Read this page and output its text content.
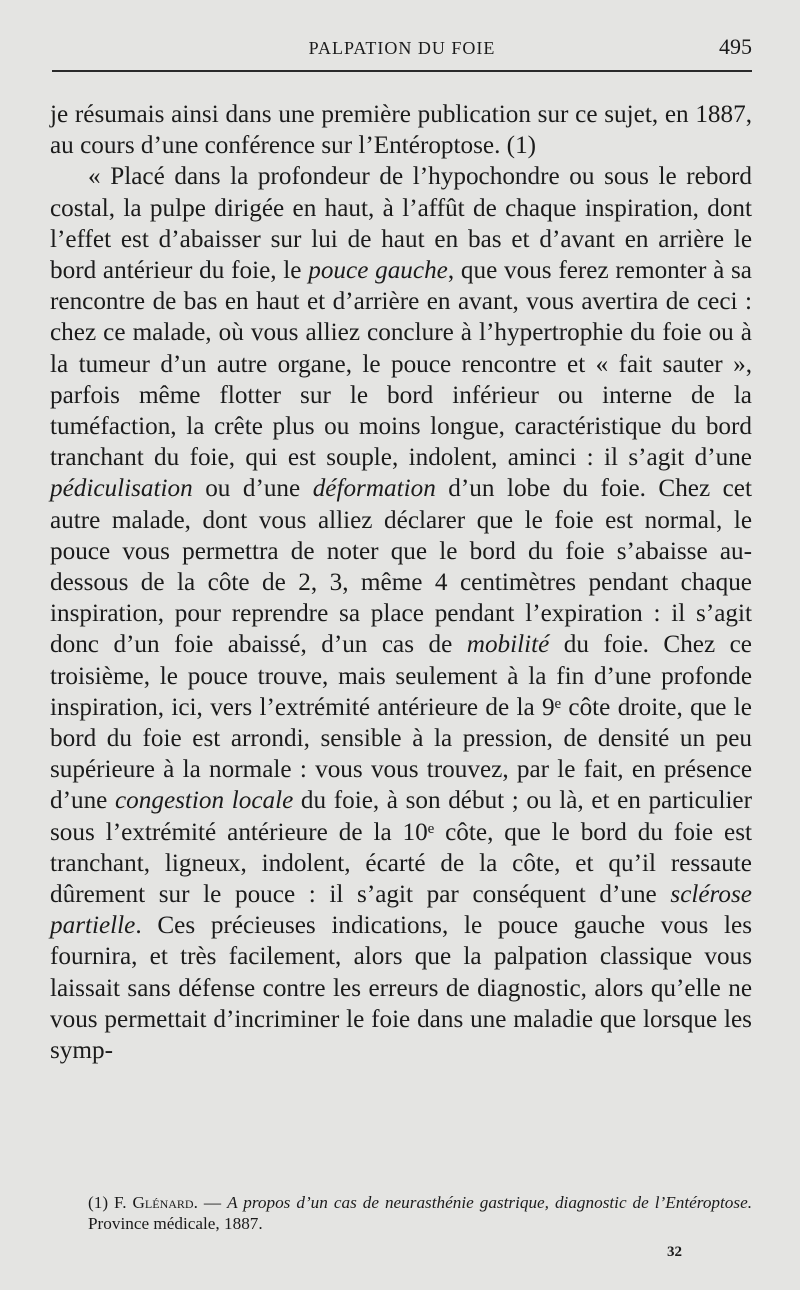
PALPATION DU FOIE	495

je résumais ainsi dans une première publication sur ce sujet, en 1887, au cours d’une conférence sur l’Entéroptose. (1)

« Placé dans la profondeur de l’hypochondre ou sous le rebord costal, la pulpe dirigée en haut, à l’affût de chaque inspiration, dont l’effet est d’abaisser sur lui de haut en bas et d’avant en arrière le bord antérieur du foie, le pouce gauche, que vous ferez remonter à sa rencontre de bas en haut et d’arrière en avant, vous avertira de ceci : chez ce malade, où vous alliez conclure à l’hypertrophie du foie ou à la tumeur d’un autre organe, le pouce rencontre et « fait sauter », parfois même flotter sur le bord inférieur ou interne de la tuméfaction, la crête plus ou moins longue, caractéristique du bord tranchant du foie, qui est souple, indolent, aminci : il s’agit d’une pédiculisation ou d’une déformation d’un lobe du foie. Chez cet autre malade, dont vous alliez déclarer que le foie est normal, le pouce vous permettra de noter que le bord du foie s’abaisse au-dessous de la côte de 2, 3, même 4 centimètres pendant chaque inspiration, pour reprendre sa place pendant l’expiration : il s’agit donc d’un foie abaissé, d’un cas de mobilité du foie. Chez ce troisième, le pouce trouve, mais seulement à la fin d’une profonde inspiration, ici, vers l’extrémité antérieure de la 9ᵉ côte droite, que le bord du foie est arrondi, sensible à la pression, de densité un peu supérieure à la normale : vous vous trouvez, par le fait, en présence d’une congestion locale du foie, à son début ; ou là, et en particulier sous l’extrémité antérieure de la 10ᵉ côte, que le bord du foie est tranchant, ligneux, indolent, écarté de la côte, et qu’il ressaute dûrement sur le pouce : il s’agit par conséquent d’une sclérose partielle. Ces précieuses indications, le pouce gauche vous les fournira, et très facilement, alors que la palpation classique vous laissait sans défense contre les erreurs de diagnostic, alors qu’elle ne vous permettait d’incriminer le foie dans une maladie que lorsque les symp-

(1) F. Glénard. — A propos d’un cas de neurasthénie gastrique, diagnostic de l’Entéroptose. Province médicale, 1887.
32
